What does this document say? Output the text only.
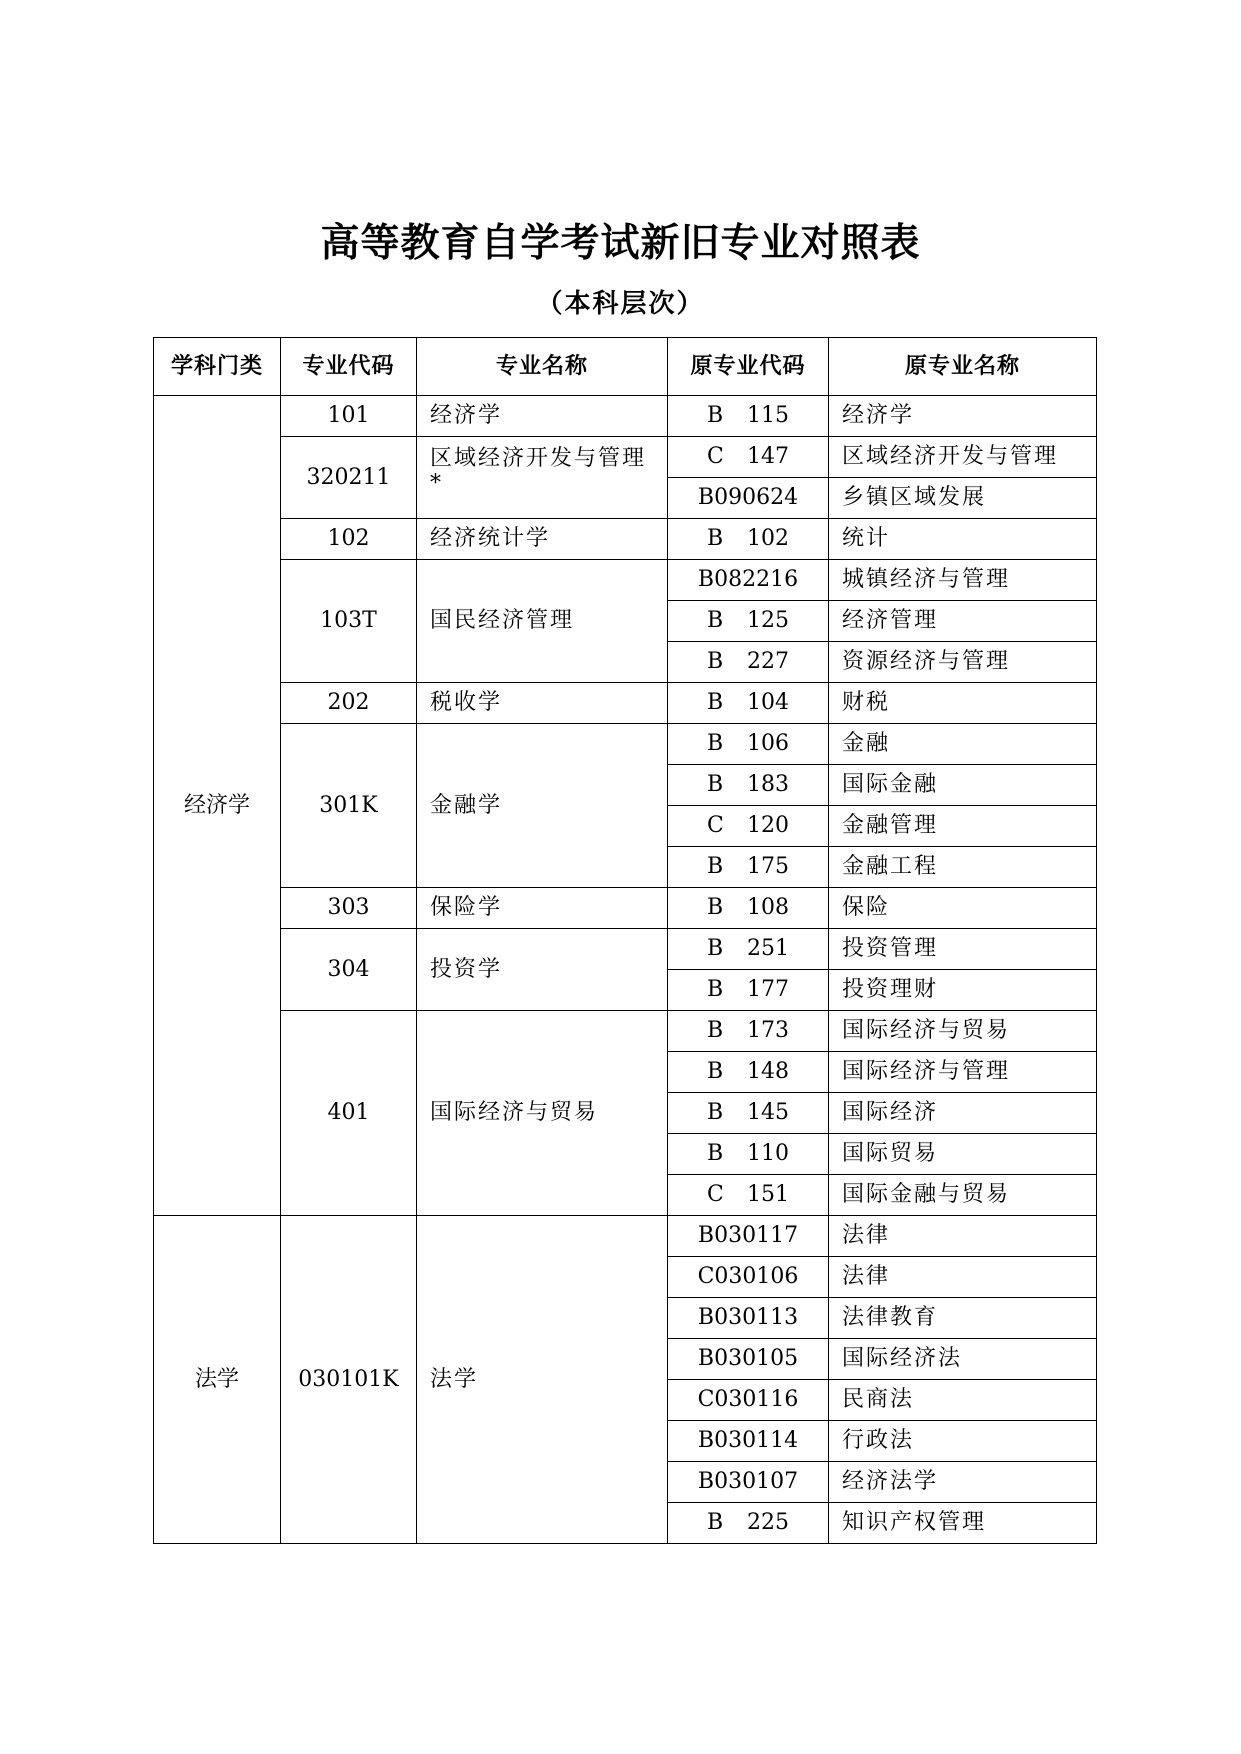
高等教育自学考试新旧专业对照表
（本科层次）
学科门类	专业代码	专业名称	原专业代码	原专业名称
经济学	101	经济学	B 115	经济学
	320211	区域经济开发与管理 *	C 147	区域经济开发与管理

			B090624	乡镇区域发展
	102	经济统计学	B 102	统计
	103T	国民经济管理	B082216	城镇经济与管理

			B 125	经济管理

			B 227	资源经济与管理
	202	税收学	B 104	财税
	301K	金融学	B 106	金融

			B 183	国际金融

			C 120	金融管理

			B 175	金融工程
	303	保险学	B 108	保险
	304	投资学	B 251	投资管理

			B 177	投资理财
	401	国际经济与贸易	B 173	国际经济与贸易

			B 148	国际经济与管理

			B 145	国际经济

			B 110	国际贸易

			C 151	国际金融与贸易
法学	030101K	法学	B030117	法律

			C030106	法律

			B030113	法律教育

			B030105	国际经济法

			C030116	民商法

			B030114	行政法

			B030107	经济法学

			B 225	知识产权管理
